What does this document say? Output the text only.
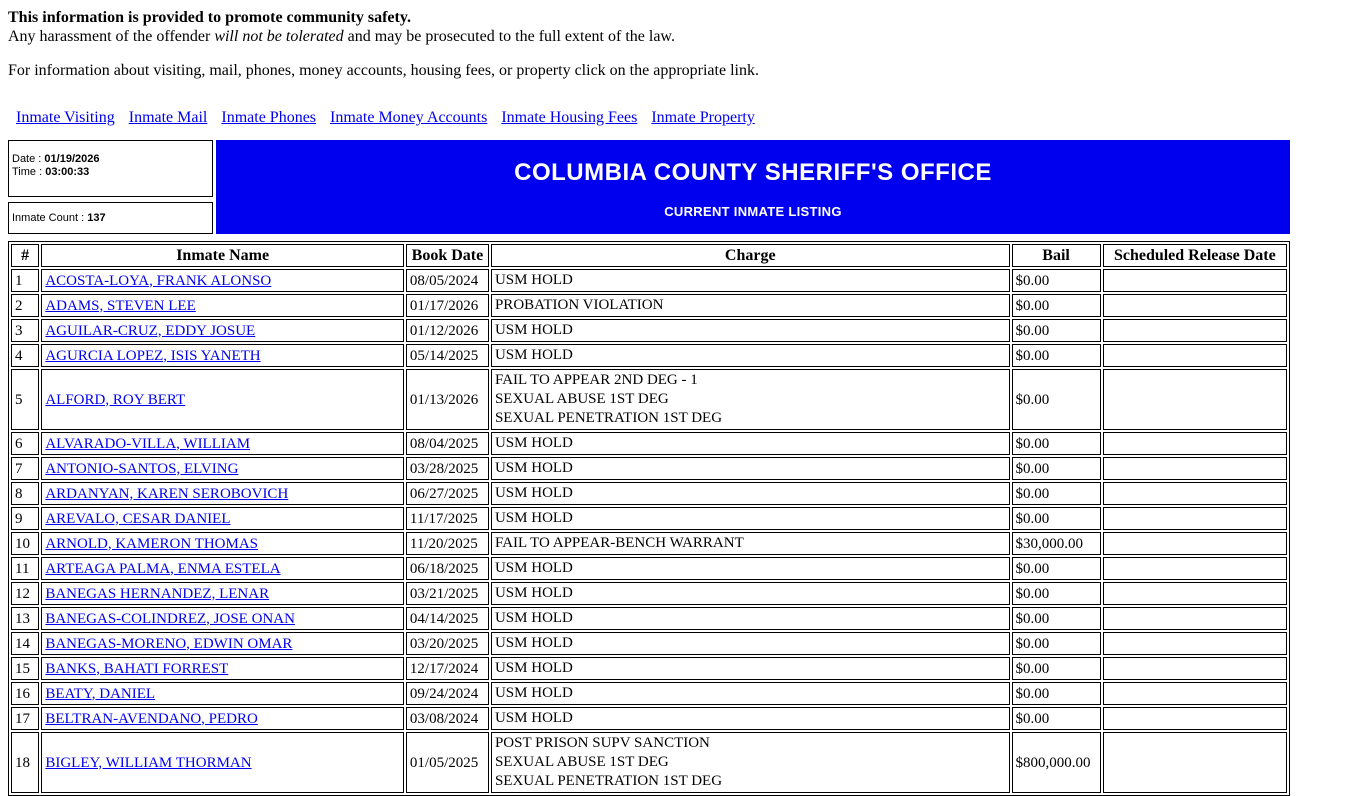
This information is provided to promote community safety.
Any harassment of the offender will not be tolerated and may be prosecuted to the full extent of the law.
For information about visiting, mail, phones, money accounts, housing fees, or property click on the appropriate link.
Inmate Visiting Inmate Mail Inmate Phones Inmate Money Accounts Inmate Housing Fees Inmate Property
Date : 01/19/2026
Time : 03:00:33
Inmate Count : 137
COLUMBIA COUNTY SHERIFF'S OFFICE
CURRENT INMATE LISTING
#	Inmate Name	Book Date	Charge	Bail	Scheduled Release Date
1	ACOSTA-LOYA, FRANK ALONSO	08/05/2024	USM HOLD	$0.00	
2	ADAMS, STEVEN LEE	01/17/2026	PROBATION VIOLATION	$0.00	
3	AGUILAR-CRUZ, EDDY JOSUE	01/12/2026	USM HOLD	$0.00	
4	AGURCIA LOPEZ, ISIS YANETH	05/14/2025	USM HOLD	$0.00	
5	ALFORD, ROY BERT	01/13/2026	FAIL TO APPEAR 2ND DEG - 1
SEXUAL ABUSE 1ST DEG
SEXUAL PENETRATION 1ST DEG	$0.00	
6	ALVARADO-VILLA, WILLIAM	08/04/2025	USM HOLD	$0.00	
7	ANTONIO-SANTOS, ELVING	03/28/2025	USM HOLD	$0.00	
8	ARDANYAN, KAREN SEROBOVICH	06/27/2025	USM HOLD	$0.00	
9	AREVALO, CESAR DANIEL	11/17/2025	USM HOLD	$0.00	
10	ARNOLD, KAMERON THOMAS	11/20/2025	FAIL TO APPEAR-BENCH WARRANT	$30,000.00	
11	ARTEAGA PALMA, ENMA ESTELA	06/18/2025	USM HOLD	$0.00	
12	BANEGAS HERNANDEZ, LENAR	03/21/2025	USM HOLD	$0.00	
13	BANEGAS-COLINDREZ, JOSE ONAN	04/14/2025	USM HOLD	$0.00	
14	BANEGAS-MORENO, EDWIN OMAR	03/20/2025	USM HOLD	$0.00	
15	BANKS, BAHATI FORREST	12/17/2024	USM HOLD	$0.00	
16	BEATY, DANIEL	09/24/2024	USM HOLD	$0.00	
17	BELTRAN-AVENDANO, PEDRO	03/08/2024	USM HOLD	$0.00	
18	BIGLEY, WILLIAM THORMAN	01/05/2025	POST PRISON SUPV SANCTION
SEXUAL ABUSE 1ST DEG
SEXUAL PENETRATION 1ST DEG	$800,000.00	
